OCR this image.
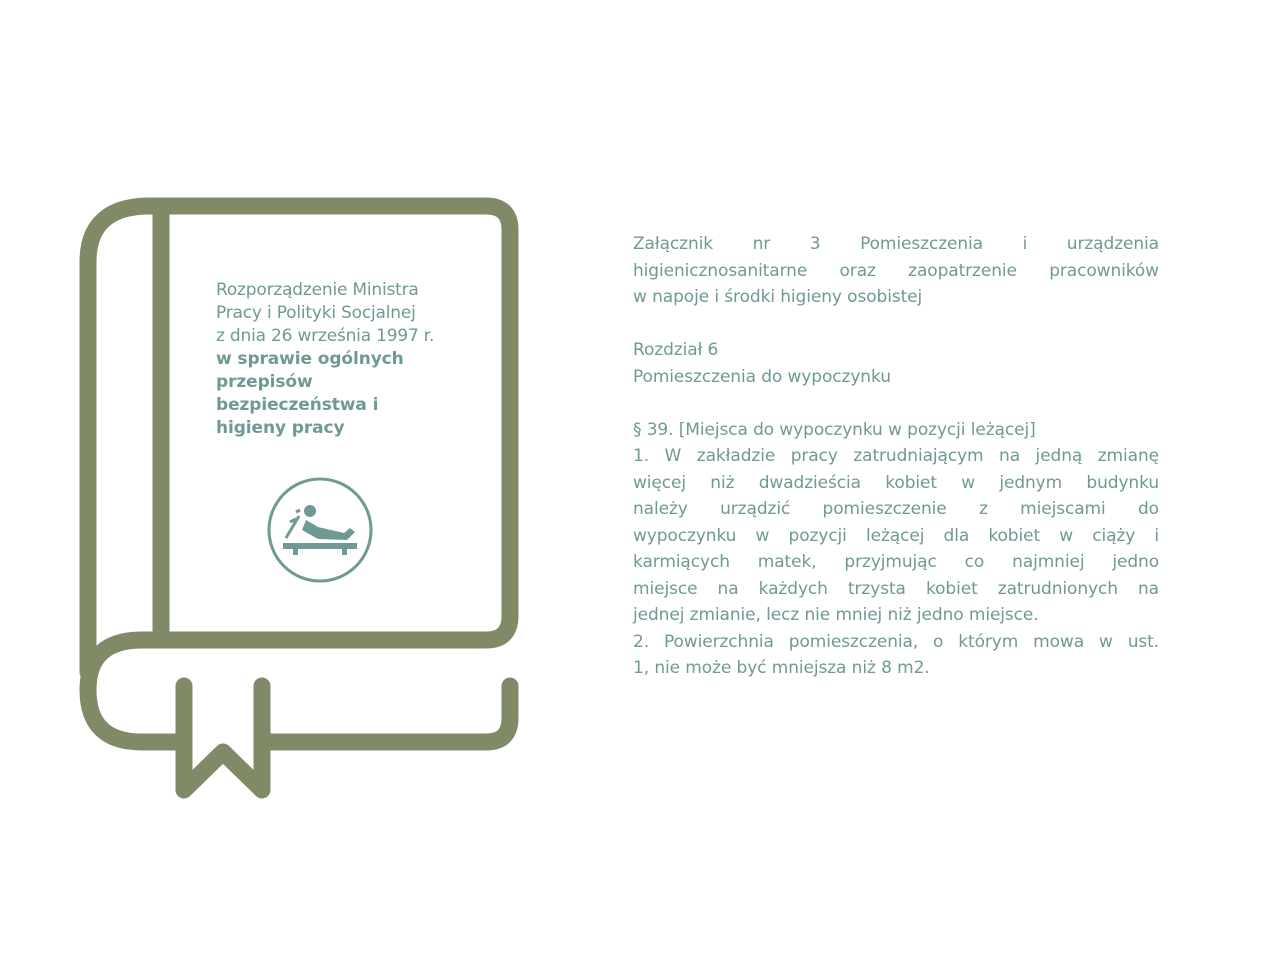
Rozporządzenie Ministra
Pracy i Polityki Socjalnej
z dnia 26 września 1997 r.
w sprawie ogólnych
przepisów
bezpieczeństwa i
higieny pracy

Załącznik nr 3 Pomieszczenia i urządzenia

higienicznosanitarne oraz zaopatrzenie pracowników

w napoje i środki higieny osobistej

Rozdział 6

Pomieszczenia do wypoczynku

§ 39. [Miejsca do wypoczynku w pozycji leżącej]

1. W zakładzie pracy zatrudniającym na jedną zmianę

więcej niż dwadzieścia kobiet w jednym budynku

należy urządzić pomieszczenie z miejscami do

wypoczynku w pozycji leżącej dla kobiet w ciąży i

karmiących matek, przyjmując co najmniej jedno

miejsce na każdych trzysta kobiet zatrudnionych na

jednej zmianie, lecz nie mniej niż jedno miejsce.

2. Powierzchnia pomieszczenia, o którym mowa w ust.

1, nie może być mniejsza niż 8 m2.
